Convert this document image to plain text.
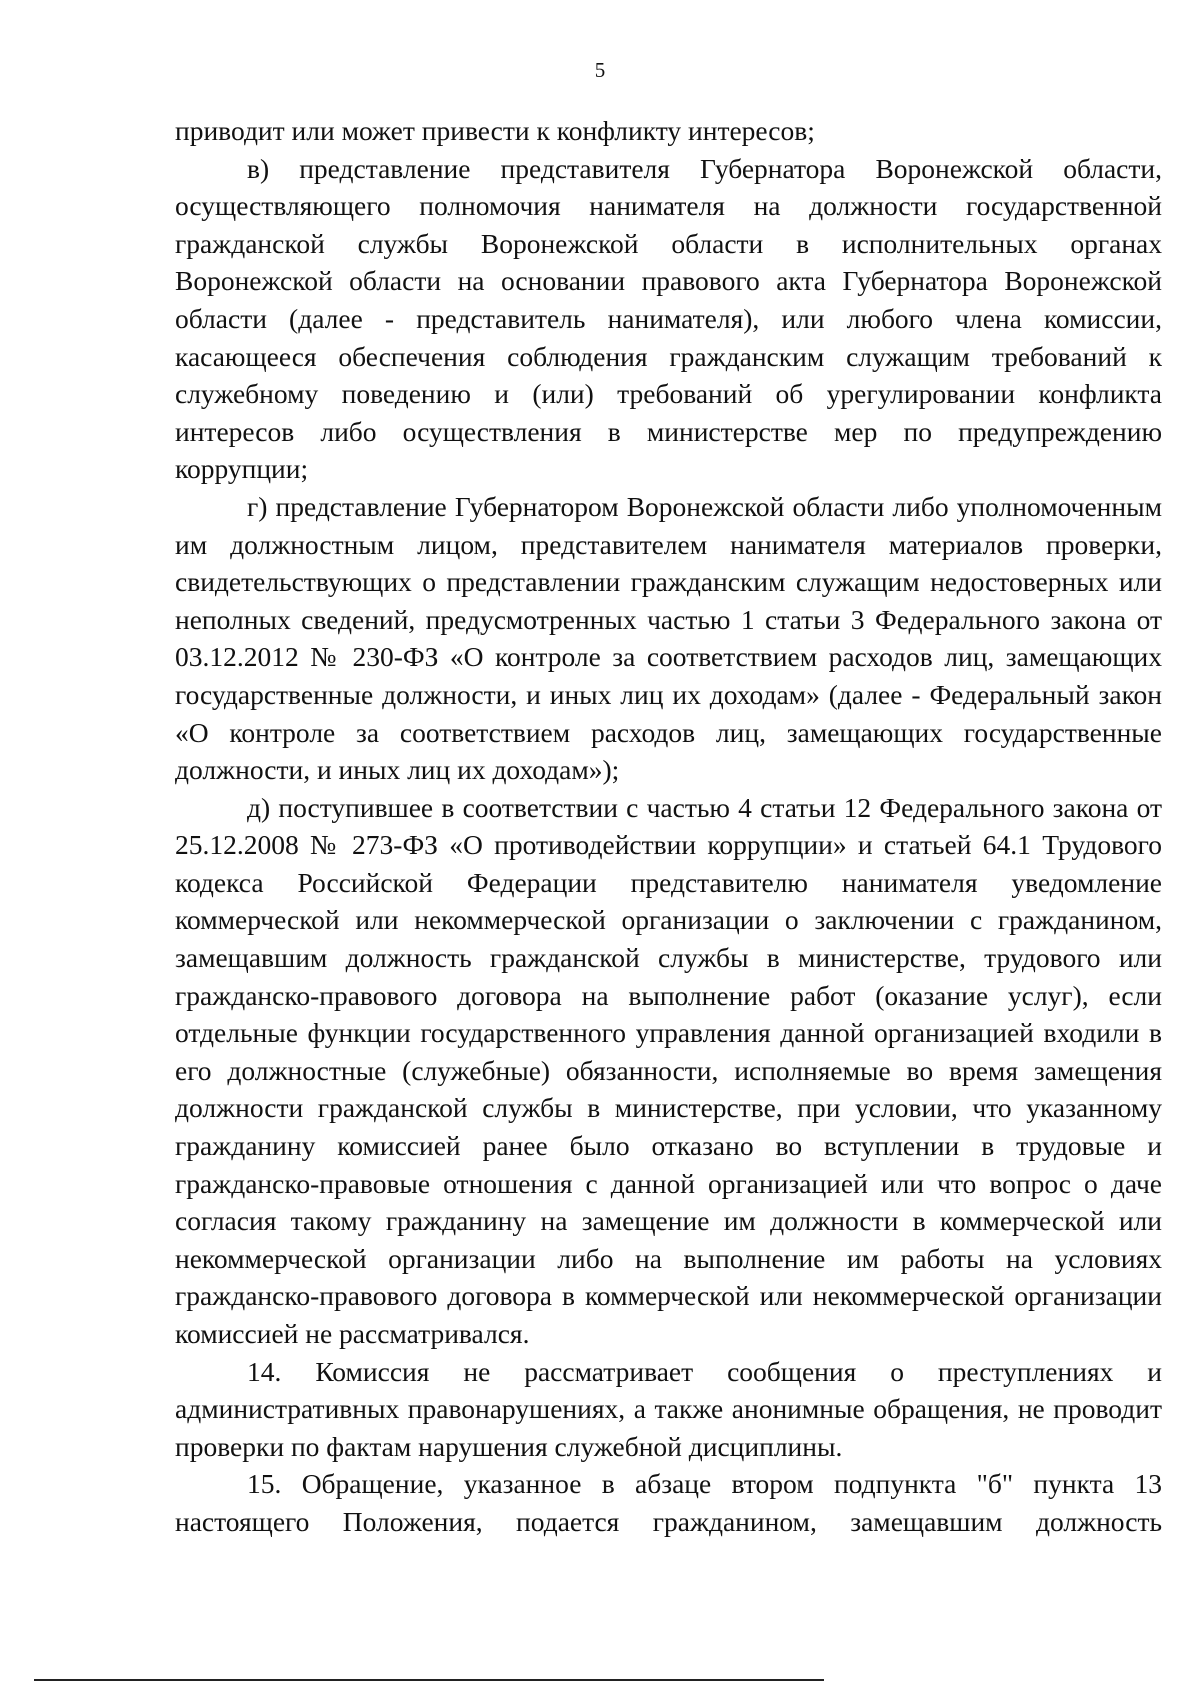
5

приводит или может привести к конфликту интересов;

в) представление представителя Губернатора Воронежской области, осуществляющего полномочия нанимателя на должности государственной гражданской службы Воронежской области в исполнительных органах Воронежской области на основании правового акта Губернатора Воронежской области (далее - представитель нанимателя), или любого члена комиссии, касающееся обеспечения соблюдения гражданским служащим требований к служебному поведению и (или) требований об урегулировании конфликта интересов либо осуществления в министерстве мер по предупреждению коррупции;

г) представление Губернатором Воронежской области либо уполномоченным им должностным лицом, представителем нанимателя материалов проверки, свидетельствующих о представлении гражданским служащим недостоверных или неполных сведений, предусмотренных частью 1 статьи 3 Федерального закона от 03.12.2012 № 230-ФЗ «О контроле за соответствием расходов лиц, замещающих государственные должности, и иных лиц их доходам» (далее - Федеральный закон «О контроле за соответствием расходов лиц, замещающих государственные должности, и иных лиц их доходам»);

д) поступившее в соответствии с частью 4 статьи 12 Федерального закона от 25.12.2008 № 273-ФЗ «О противодействии коррупции» и статьей 64.1 Трудового кодекса Российской Федерации представителю нанимателя уведомление коммерческой или некоммерческой организации о заключении с гражданином, замещавшим должность гражданской службы в министерстве, трудового или гражданско-правового договора на выполнение работ (оказание услуг), если отдельные функции государственного управления данной организацией входили в его должностные (служебные) обязанности, исполняемые во время замещения должности гражданской службы в министерстве, при условии, что указанному гражданину комиссией ранее было отказано во вступлении в трудовые и гражданско-правовые отношения с данной организацией или что вопрос о даче согласия такому гражданину на замещение им должности в коммерческой или некоммерческой организации либо на выполнение им работы на условиях гражданско-правового договора в коммерческой или некоммерческой организации комиссией не рассматривался.

14. Комиссия не рассматривает сообщения о преступлениях и административных правонарушениях, а также анонимные обращения, не проводит проверки по фактам нарушения служебной дисциплины.

15. Обращение, указанное в абзаце втором подпункта "б" пункта 13 настоящего Положения, подается гражданином, замещавшим должность
